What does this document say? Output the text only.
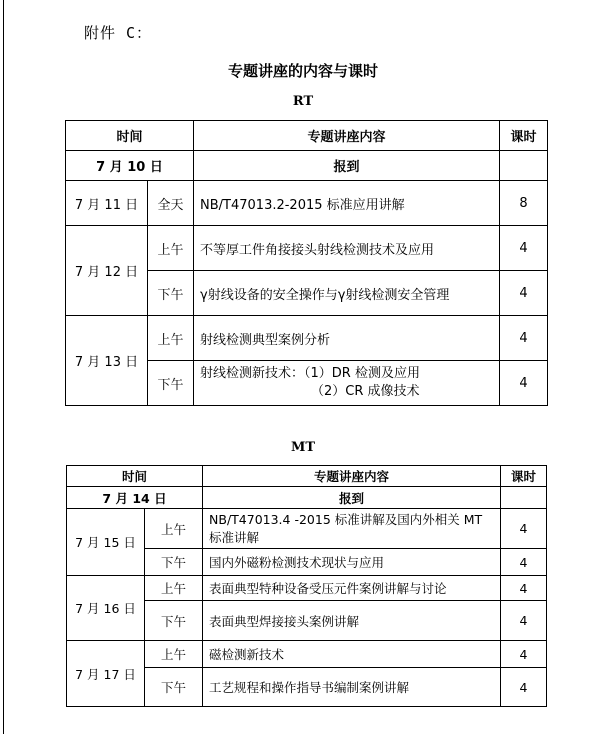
附件 C：
专题讲座的内容与课时
RT
时间		专题讲座内容	课时
7 月 10 日		报到	
7 月 11 日	全天	NB/T47013.2-2015 标准应用讲解	8
7 月 12 日	上午	不等厚工件角接接头射线检测技术及应用	4
	下午	γ射线设备的安全操作与γ射线检测安全管理	4
7 月 13 日	上午	射线检测典型案例分析	4
	下午	射线检测新技术：（1）DR 检测及应用
（2）CR 成像技术	4
MT
时间		专题讲座内容	课时
7 月 14 日		报到	
7 月 15 日	上午	NB/T47013.4 -2015 标准讲解及国内外相关 MT
标准讲解	4
	下午	国内外磁粉检测技术现状与应用	4
7 月 16 日	上午	表面典型特种设备受压元件案例讲解与讨论	4
	下午	表面典型焊接接头案例讲解	4
7 月 17 日	上午	磁检测新技术	4
	下午	工艺规程和操作指导书编制案例讲解	4
